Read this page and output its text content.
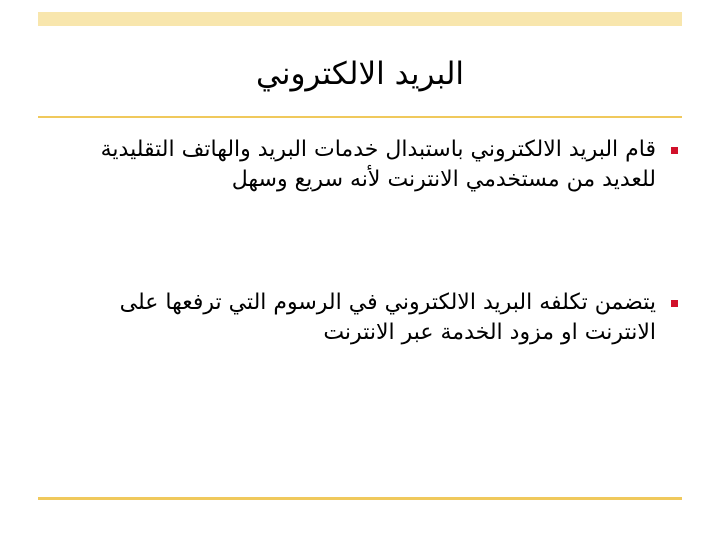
البريد الالكتروني
قام البريد الالكتروني باستبدال خدمات البريد والهاتف التقليدية
للعديد من مستخدمي الانترنت لأنه سريع وسهل
يتضمن تكلفه البريد الالكتروني في الرسوم التي ترفعها على
الانترنت او مزود الخدمة عبر الانترنت
